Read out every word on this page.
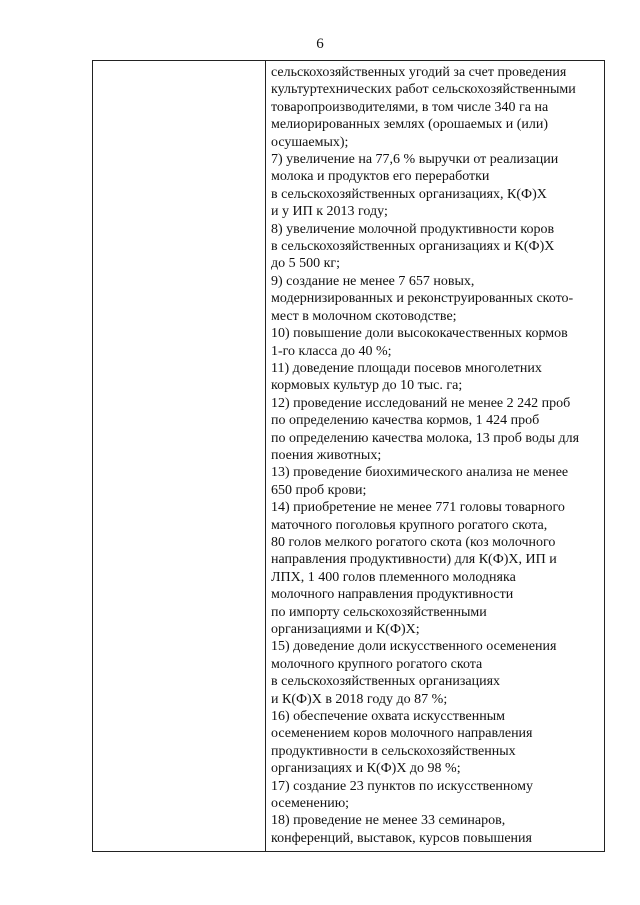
6
сельскохозяйственных угодий за счет проведения
культуртехнических работ сельскохозяйственными
товаропроизводителями, в том числе 340 га на
мелиорированных землях (орошаемых и (или)
осушаемых);
7) увеличение на 77,6 % выручки от реализации
молока и продуктов его переработки
в сельскохозяйственных организациях, К(Ф)Х
и у ИП к 2013 году;
8) увеличение молочной продуктивности коров
в сельскохозяйственных организациях и К(Ф)Х
до 5 500 кг;
9) создание не менее 7 657 новых,
модернизированных и реконструированных ското-
мест в молочном скотоводстве;
10) повышение доли высококачественных кормов
1-го класса до 40 %;
11) доведение площади посевов многолетних
кормовых культур до 10 тыс. га;
12) проведение исследований не менее 2 242 проб
по определению качества кормов, 1 424 проб
по определению качества молока, 13 проб воды для
поения животных;
13) проведение биохимического анализа не менее
650 проб крови;
14) приобретение не менее 771 головы товарного
маточного поголовья крупного рогатого скота,
80 голов мелкого рогатого скота (коз молочного
направления продуктивности) для К(Ф)Х, ИП и
ЛПХ, 1 400 голов племенного молодняка
молочного направления продуктивности
по импорту сельскохозяйственными
организациями и К(Ф)Х;
15) доведение доли искусственного осеменения
молочного крупного рогатого скота
в сельскохозяйственных организациях
и К(Ф)Х в 2018 году до 87 %;
16) обеспечение охвата искусственным
осеменением коров молочного направления
продуктивности в сельскохозяйственных
организациях и К(Ф)Х до 98 %;
17) создание 23 пунктов по искусственному
осеменению;
18) проведение не менее 33 семинаров,
конференций, выставок, курсов повышения
